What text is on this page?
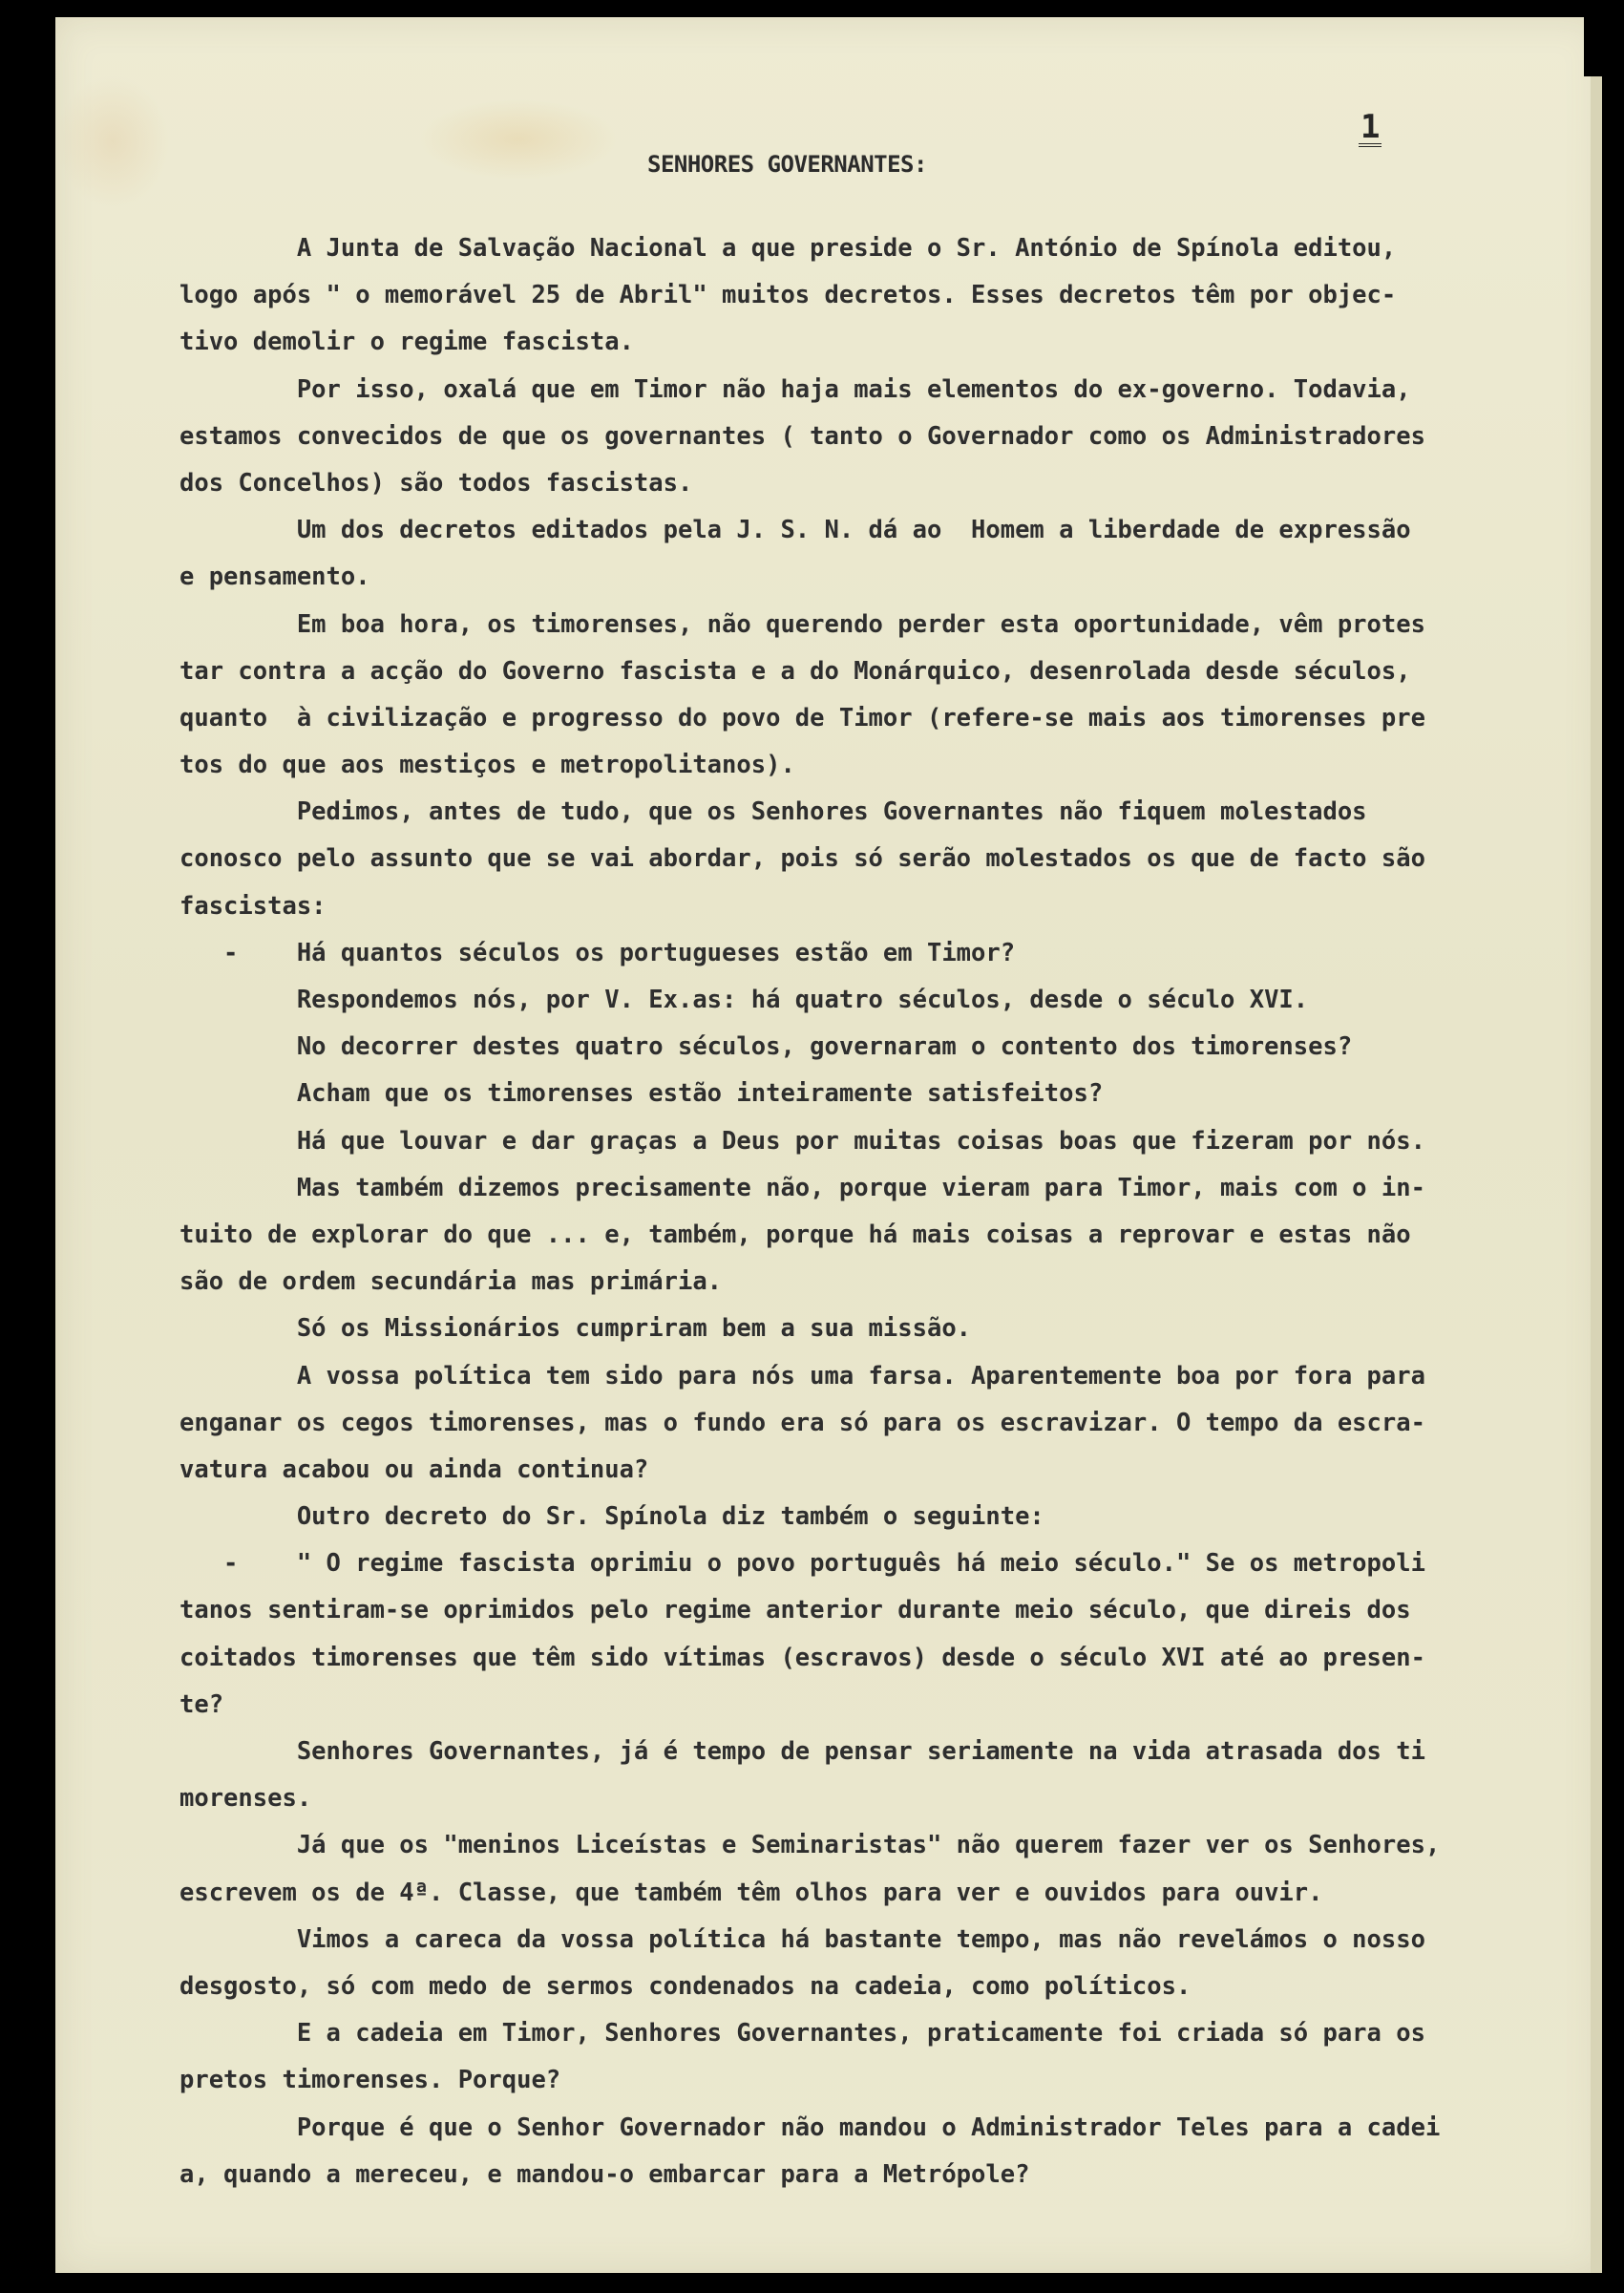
SENHORES GOVERNANTES:
1
A Junta de Salvação Nacional a que preside o Sr. António de Spínola editou,
logo após " o memorável 25 de Abril" muitos decretos. Esses decretos têm por objec-
tivo demolir o regime fascista.
Por isso, oxalá que em Timor não haja mais elementos do ex-governo. Todavia,
estamos convecidos de que os governantes ( tanto o Governador como os Administradores
dos Concelhos) são todos fascistas.
Um dos decretos editados pela J. S. N. dá ao  Homem a liberdade de expressão
e pensamento.
Em boa hora, os timorenses, não querendo perder esta oportunidade, vêm protes
tar contra a acção do Governo fascista e a do Monárquico, desenrolada desde séculos,
quanto  à civilização e progresso do povo de Timor (refere-se mais aos timorenses pre
tos do que aos mestiços e metropolitanos).
Pedimos, antes de tudo, que os Senhores Governantes não fiquem molestados
conosco pelo assunto que se vai abordar, pois só serão molestados os que de facto são
fascistas:
-    Há quantos séculos os portugueses estão em Timor?
Respondemos nós, por V. Ex.as: há quatro séculos, desde o século XVI.
No decorrer destes quatro séculos, governaram o contento dos timorenses?
Acham que os timorenses estão inteiramente satisfeitos?
Há que louvar e dar graças a Deus por muitas coisas boas que fizeram por nós.
Mas também dizemos precisamente não, porque vieram para Timor, mais com o in-
tuito de explorar do que ... e, também, porque há mais coisas a reprovar e estas não
são de ordem secundária mas primária.
Só os Missionários cumpriram bem a sua missão.
A vossa política tem sido para nós uma farsa. Aparentemente boa por fora para
enganar os cegos timorenses, mas o fundo era só para os escravizar. O tempo da escra-
vatura acabou ou ainda continua?
Outro decreto do Sr. Spínola diz também o seguinte:
-    " O regime fascista oprimiu o povo português há meio século." Se os metropoli
tanos sentiram-se oprimidos pelo regime anterior durante meio século, que direis dos
coitados timorenses que têm sido vítimas (escravos) desde o século XVI até ao presen-
te?
Senhores Governantes, já é tempo de pensar seriamente na vida atrasada dos ti
morenses.
Já que os "meninos Liceístas e Seminaristas" não querem fazer ver os Senhores,
escrevem os de 4ª. Classe, que também têm olhos para ver e ouvidos para ouvir.
Vimos a careca da vossa política há bastante tempo, mas não revelámos o nosso
desgosto, só com medo de sermos condenados na cadeia, como políticos.
E a cadeia em Timor, Senhores Governantes, praticamente foi criada só para os
pretos timorenses. Porque?
Porque é que o Senhor Governador não mandou o Administrador Teles para a cadei
a, quando a mereceu, e mandou-o embarcar para a Metrópole?
